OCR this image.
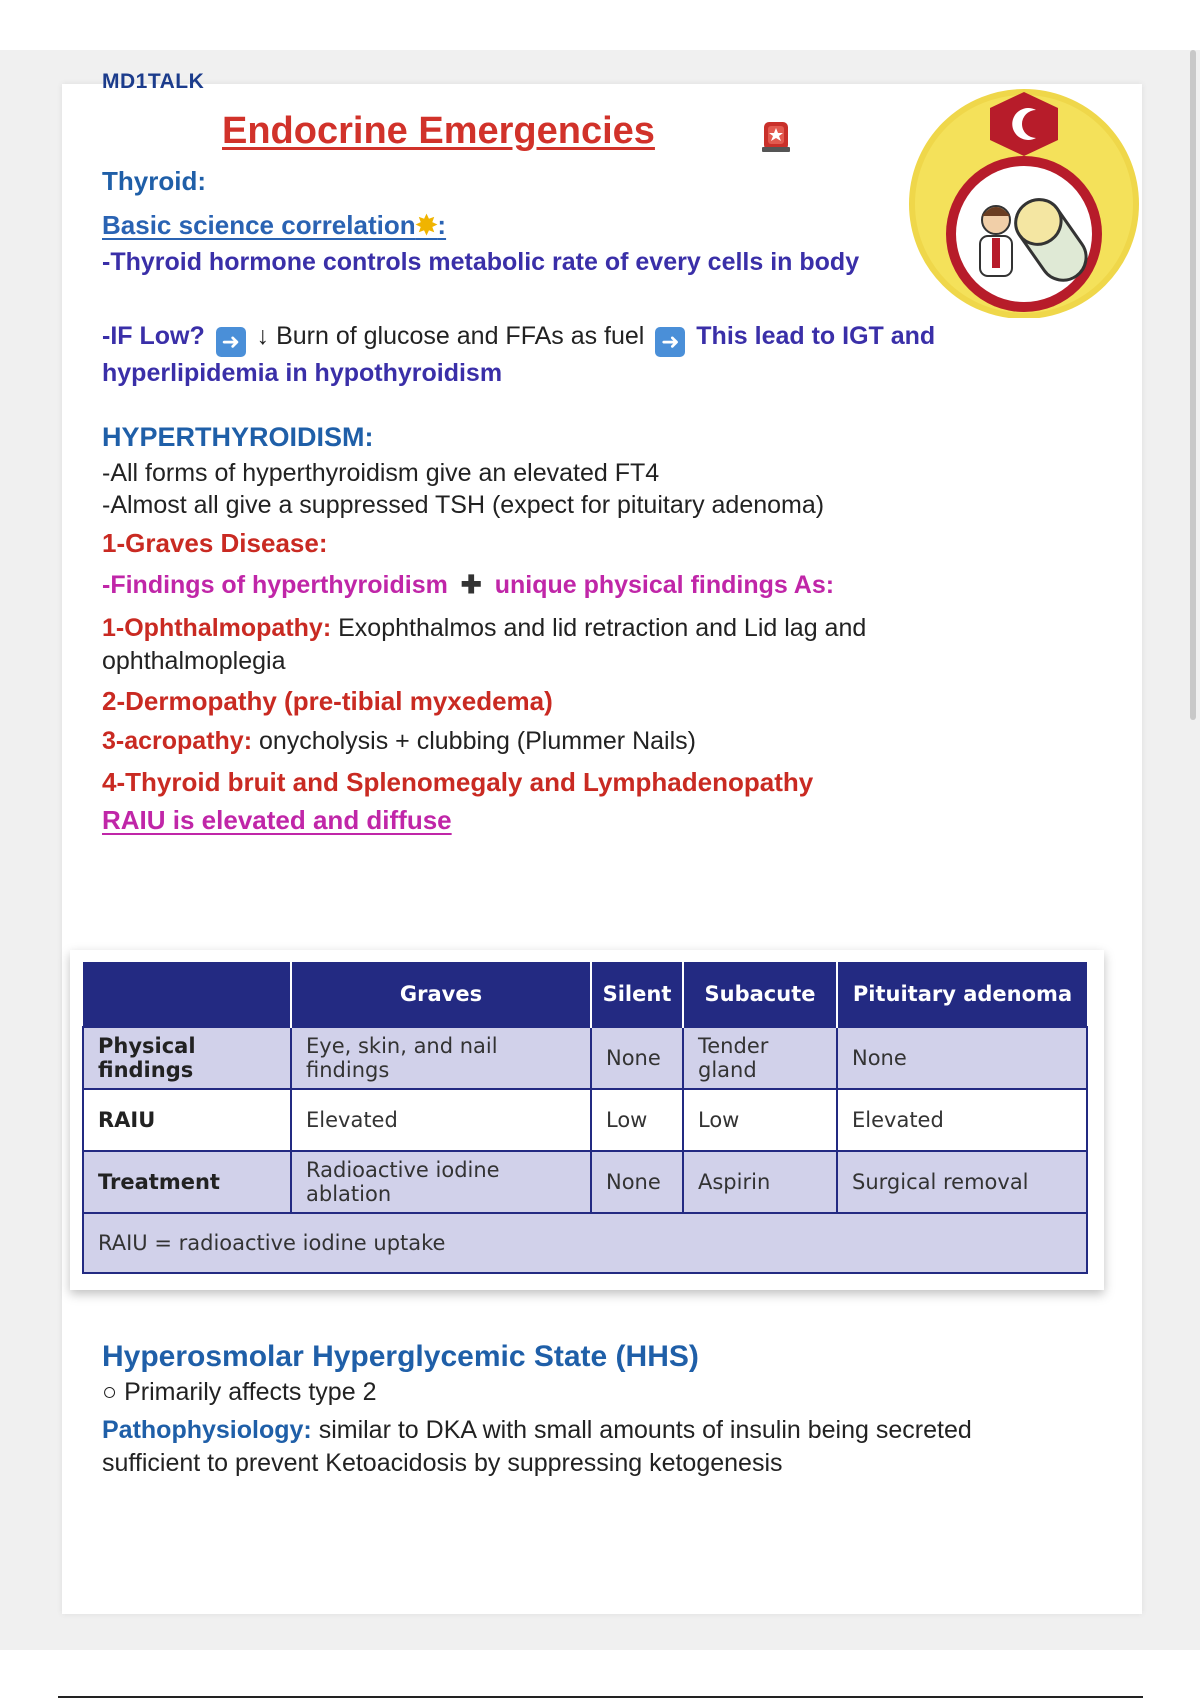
MD1TALK
Endocrine Emergencies
Thyroid:
Basic science correlation✸:
-Thyroid hormone controls metabolic rate of every cells in body
-IF Low? ➜ ↓ Burn of glucose and FFAs as fuel ➜ This lead to IGT and hyperlipidemia in hypothyroidism
HYPERTHYROIDISM:
-All forms of hyperthyroidism give an elevated FT4
-Almost all give a suppressed TSH (expect for pituitary adenoma)
1-Graves Disease:
-Findings of hyperthyroidism ✚ unique physical findings As:
1-Ophthalmopathy: Exophthalmos and lid retraction and Lid lag and ophthalmoplegia
2-Dermopathy (pre-tibial myxedema)
3-acropathy: onycholysis + clubbing (Plummer Nails)
4-Thyroid bruit and Splenomegaly and Lymphadenopathy
RAIU is elevated and diffuse
	Graves	Silent	Subacute	Pituitary adenoma
Physical findings	Eye, skin, and nail findings	None	Tender gland	None
RAIU	Elevated	Low	Low	Elevated
Treatment	Radioactive iodine ablation	None	Aspirin	Surgical removal
RAIU = radioactive iodine uptake				
Hyperosmolar Hyperglycemic State (HHS)
○ Primarily affects type 2
Pathophysiology: similar to DKA with small amounts of insulin being secreted sufficient to prevent Ketoacidosis by suppressing ketogenesis
